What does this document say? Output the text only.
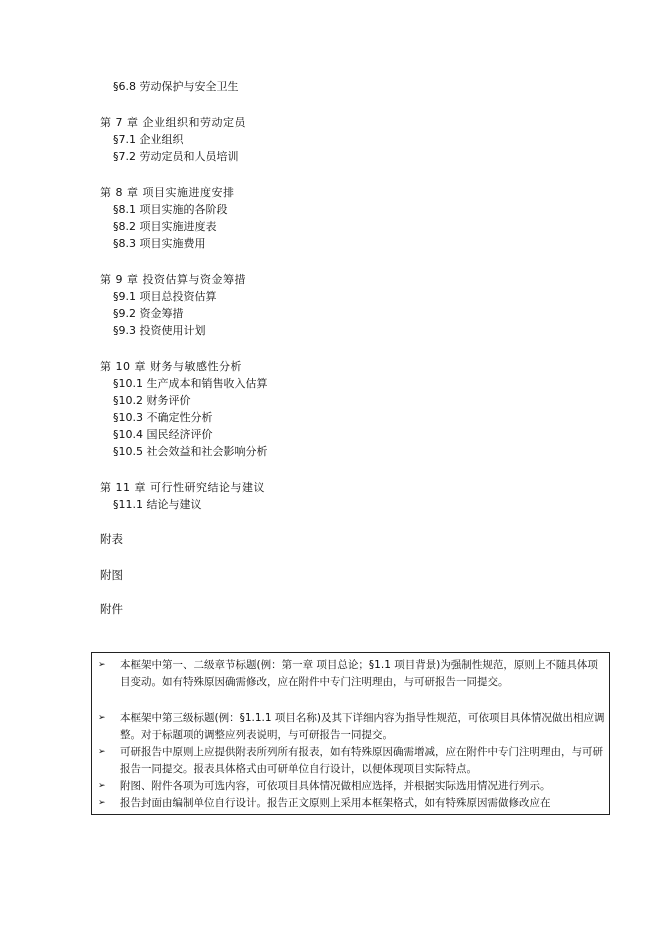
§6.8 劳动保护与安全卫生
第 7 章 企业组织和劳动定员
§7.1 企业组织
§7.2 劳动定员和人员培训
第 8 章 项目实施进度安排
§8.1 项目实施的各阶段
§8.2 项目实施进度表
§8.3 项目实施费用
第 9 章 投资估算与资金筹措
§9.1 项目总投资估算
§9.2 资金筹措
§9.3 投资使用计划
第 10 章 财务与敏感性分析
§10.1 生产成本和销售收入估算
§10.2 财务评价
§10.3 不确定性分析
§10.4 国民经济评价
§10.5 社会效益和社会影响分析
第 11 章 可行性研究结论与建议
§11.1 结论与建议
附表
附图
附件
➢ 本框架中第一、二级章节标题(例：第一章 项目总论；§1.1 项目背景)为强制性规范，原则上不随具体项目变动。如有特殊原因确需修改，应在附件中专门注明理由，与可研报告一同提交。
➢ 本框架中第三级标题(例：§1.1.1 项目名称)及其下详细内容为指导性规范，可依项目具体情况做出相应调整。对于标题项的调整应列表说明，与可研报告一同提交。
➢ 可研报告中原则上应提供附表所列所有报表，如有特殊原因确需增减，应在附件中专门注明理由，与可研报告一同提交。报表具体格式由可研单位自行设计，以便体现项目实际特点。
➢ 附图、附件各项为可选内容，可依项目具体情况做相应选择，并根据实际选用情况进行列示。
➢ 报告封面由编制单位自行设计。报告正文原则上采用本框架格式，如有特殊原因需做修改应在
